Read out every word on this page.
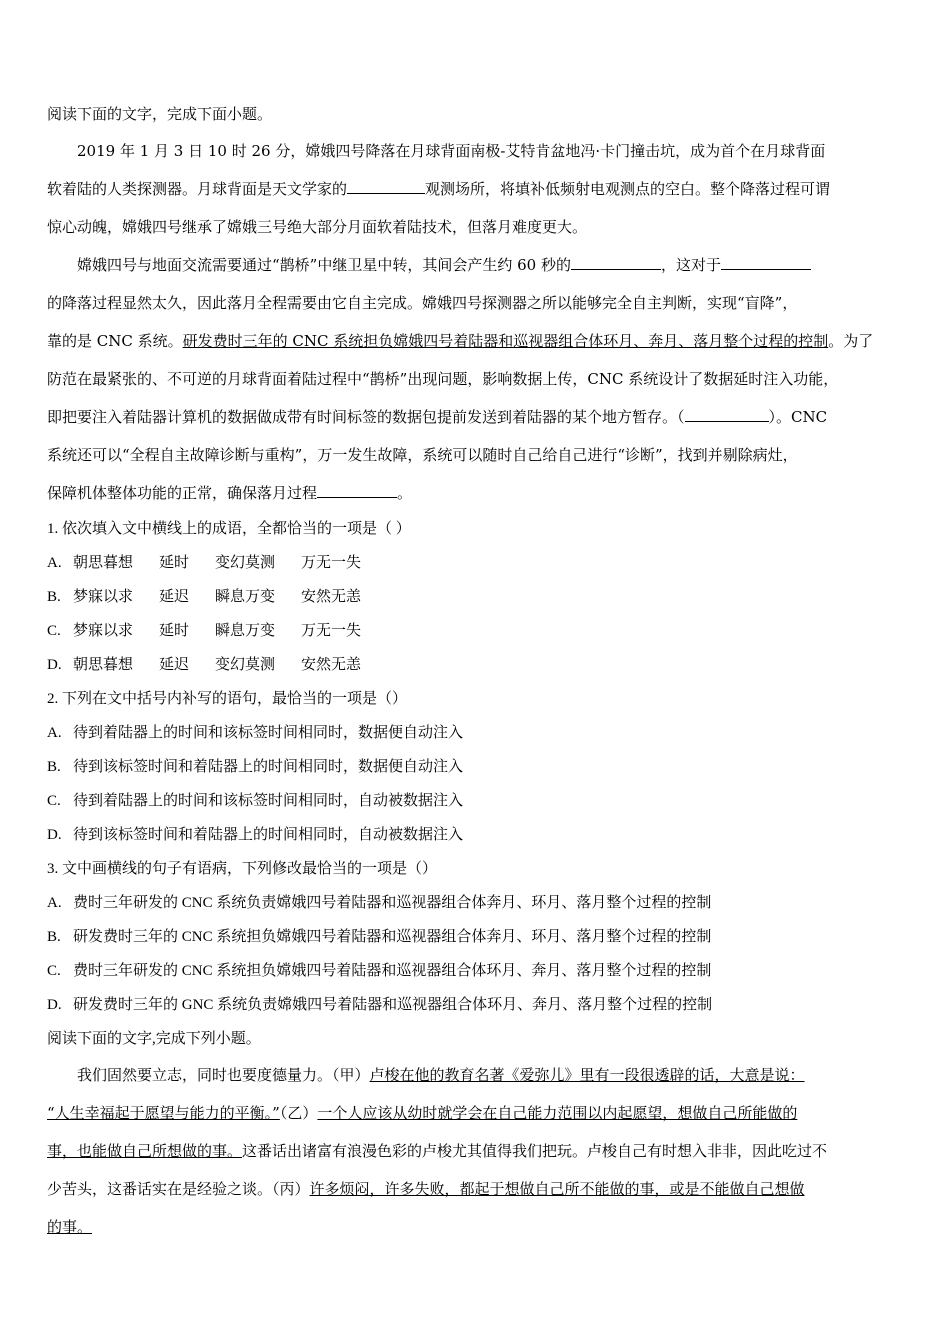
阅读下面的文字，完成下面小题。

2019 年 1 月 3 日 10 时 26 分，嫦娥四号降落在月球背面南极-艾特肯盆地冯·卡门撞击坑，成为首个在月球背面

软着陆的人类探测器。月球背面是天文学家的	观测场所，将填补低频射电观测点的空白。整个降落过程可谓

惊心动魄，嫦娥四号继承了嫦娥三号绝大部分月面软着陆技术，但落月难度更大。

嫦娥四号与地面交流需要通过“鹊桥”中继卫星中转，其间会产生约 60 秒的	，这对于

的降落过程显然太久，因此落月全程需要由它自主完成。嫦娥四号探测器之所以能够完全自主判断，实现“盲降”，

靠的是 CNC 系统。研发费时三年的 CNC 系统担负嫦娥四号着陆器和巡视器组合体环月、奔月、落月整个过程的控制。为了

防范在最紧张的、不可逆的月球背面着陆过程中“鹊桥”出现问题，影响数据上传，CNC 系统设计了数据延时注入功能，

即把要注入着陆器计算机的数据做成带有时间标签的数据包提前发送到着陆器的某个地方暂存。（	）。CNC

系统还可以“全程自主故障诊断与重构”，万一发生故障，系统可以随时自己给自己进行“诊断”，找到并剔除病灶，

保障机体整体功能的正常，确保落月过程	。

1. 依次填入文中横线上的成语，全都恰当的一项是（ ）

A. 朝思暮想 延时 变幻莫测 万无一失

B. 梦寐以求 延迟 瞬息万变 安然无恙

C. 梦寐以求 延时 瞬息万变 万无一失

D. 朝思暮想 延迟 变幻莫测 安然无恙

2. 下列在文中括号内补写的语句，最恰当的一项是（）

A. 待到着陆器上的时间和该标签时间相同时，数据便自动注入

B. 待到该标签时间和着陆器上的时间相同时，数据便自动注入

C. 待到着陆器上的时间和该标签时间相同时，自动被数据注入

D. 待到该标签时间和着陆器上的时间相同时，自动被数据注入

3. 文中画横线的句子有语病，下列修改最恰当的一项是（）

A. 费时三年研发的 CNC 系统负责嫦娥四号着陆器和巡视器组合体奔月、环月、落月整个过程的控制

B. 研发费时三年的 CNC 系统担负嫦娥四号着陆器和巡视器组合体奔月、环月、落月整个过程的控制

C. 费时三年研发的 CNC 系统担负嫦娥四号着陆器和巡视器组合体环月、奔月、落月整个过程的控制

D. 研发费时三年的 GNC 系统负责嫦娥四号着陆器和巡视器组合体环月、奔月、落月整个过程的控制

阅读下面的文字,完成下列小题。

我们固然要立志，同时也要度德量力。（甲）卢梭在他的教育名著《爱弥儿》里有一段很透辟的话，大意是说：

“人生幸福起于愿望与能力的平衡。”（乙）一个人应该从幼时就学会在自己能力范围以内起愿望，想做自己所能做的

事，也能做自己所想做的事。这番话出诸富有浪漫色彩的卢梭尤其值得我们把玩。卢梭自己有时想入非非，因此吃过不

少苦头，这番话实在是经验之谈。（丙）许多烦闷，许多失败，都起于想做自己所不能做的事，或是不能做自己想做

的事。
